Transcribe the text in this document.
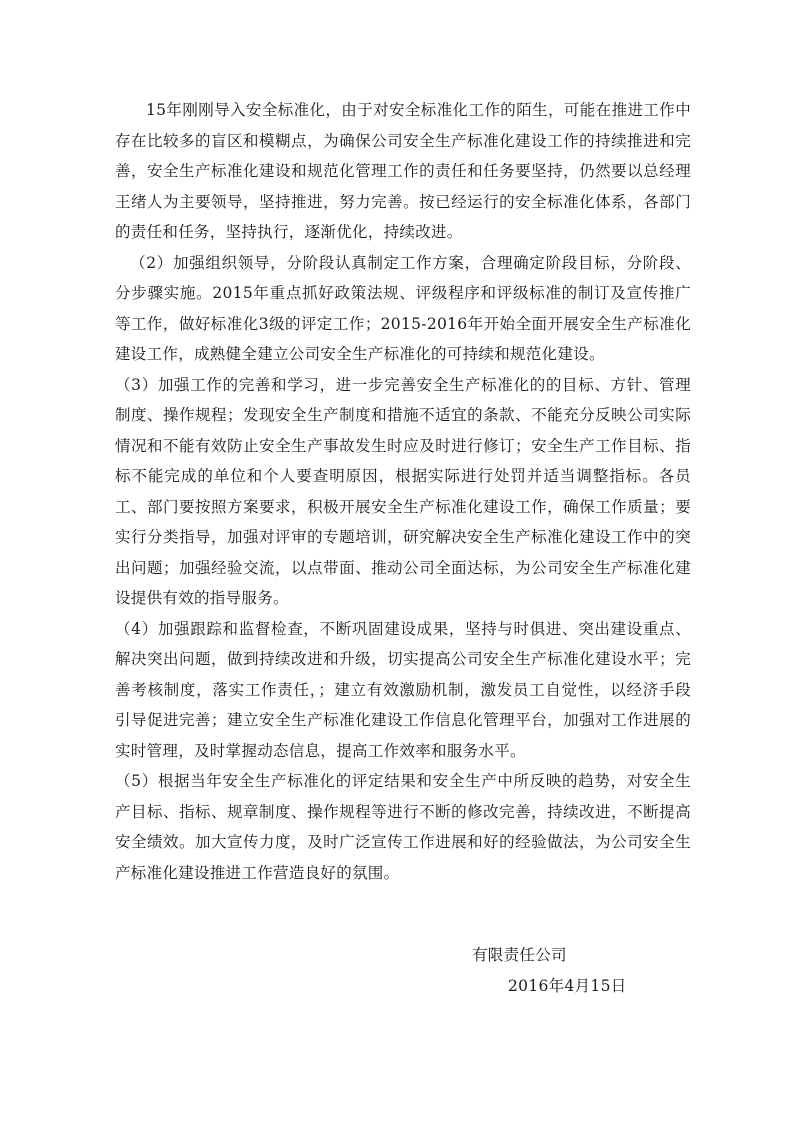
15年刚刚导入安全标准化，由于对安全标准化工作的陌生，可能在推进工作中存在比较多的盲区和模糊点，为确保公司安全生产标准化建设工作的持续推进和完善，安全生产标准化建设和规范化管理工作的责任和任务要坚持，仍然要以总经理王绪人为主要领导，坚持推进，努力完善。按已经运行的安全标准化体系，各部门的责任和任务，坚持执行，逐渐优化，持续改进。

（2）加强组织领导，分阶段认真制定工作方案，合理确定阶段目标，分阶段、分步骤实施。2015年重点抓好政策法规、评级程序和评级标准的制订及宣传推广等工作，做好标准化3级的评定工作；2015-2016年开始全面开展安全生产标准化建设工作，成熟健全建立公司安全生产标准化的可持续和规范化建设。

（3）加强工作的完善和学习，进一步完善安全生产标准化的的目标、方针、管理制度、操作规程；发现安全生产制度和措施不适宜的条款、不能充分反映公司实际情况和不能有效防止安全生产事故发生时应及时进行修订；安全生产工作目标、指标不能完成的单位和个人要查明原因，根据实际进行处罚并适当调整指标。各员工、部门要按照方案要求，积极开展安全生产标准化建设工作，确保工作质量；要实行分类指导，加强对评审的专题培训，研究解决安全生产标准化建设工作中的突出问题；加强经验交流，以点带面、推动公司全面达标，为公司安全生产标准化建设提供有效的指导服务。

（4）加强跟踪和监督检查，不断巩固建设成果，坚持与时俱进、突出建设重点、解决突出问题，做到持续改进和升级，切实提高公司安全生产标准化建设水平；完善考核制度，落实工作责任，；建立有效激励机制，激发员工自觉性，以经济手段引导促进完善；建立安全生产标准化建设工作信息化管理平台，加强对工作进展的实时管理，及时掌握动态信息，提高工作效率和服务水平。

（5）根据当年安全生产标准化的评定结果和安全生产中所反映的趋势，对安全生产目标、指标、规章制度、操作规程等进行不断的修改完善，持续改进，不断提高安全绩效。加大宣传力度，及时广泛宣传工作进展和好的经验做法，为公司安全生产标准化建设推进工作营造良好的氛围。

有限责任公司
2016年4月15日
